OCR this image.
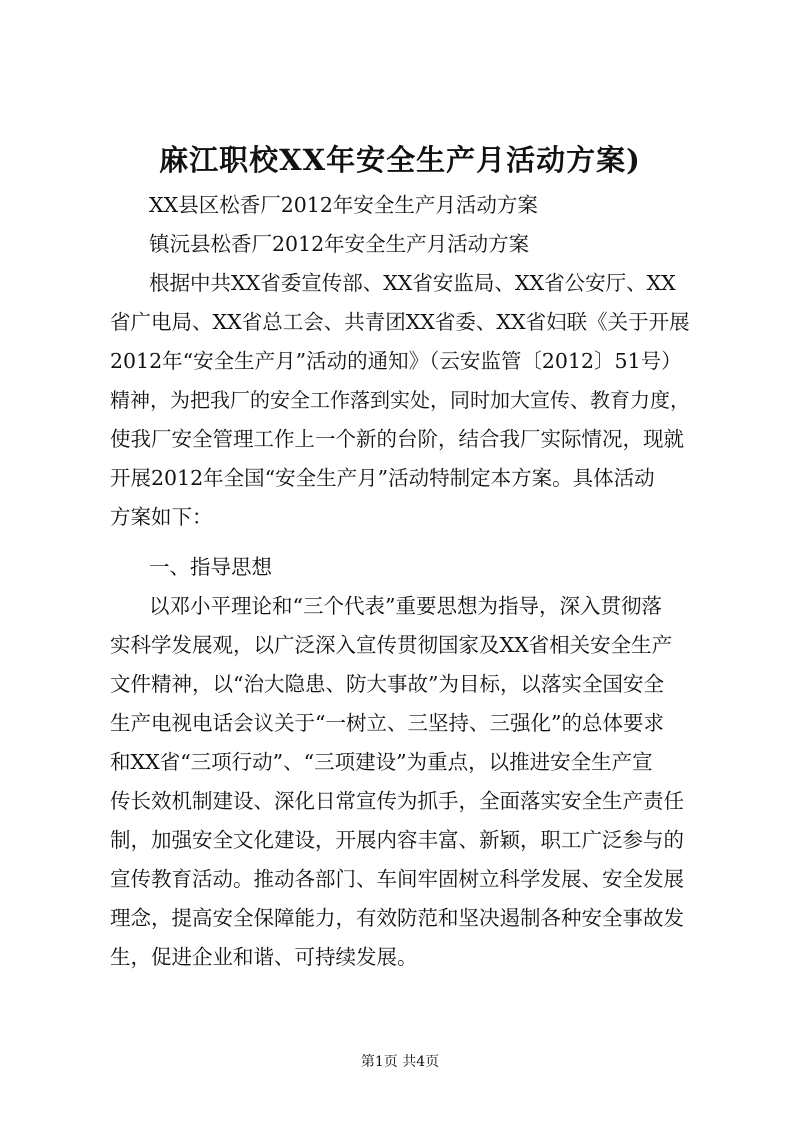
麻江职校XX年安全生产月活动方案)
XX县区松香厂2012年安全生产月活动方案
镇沅县松香厂2012年安全生产月活动方案
根据中共XX省委宣传部、XX省安监局、XX省公安厅、XX
省广电局、XX省总工会、共青团XX省委、XX省妇联《关于开展
2012年“安全生产月”活动的通知》（云安监管〔2012〕51号）
精神，为把我厂的安全工作落到实处，同时加大宣传、教育力度，
使我厂安全管理工作上一个新的台阶，结合我厂实际情况，现就
开展2012年全国“安全生产月”活动特制定本方案。具体活动
方案如下：
一、指导思想
以邓小平理论和“三个代表”重要思想为指导，深入贯彻落
实科学发展观，以广泛深入宣传贯彻国家及XX省相关安全生产
文件精神，以“治大隐患、防大事故”为目标，以落实全国安全
生产电视电话会议关于“一树立、三坚持、三强化”的总体要求
和XX省“三项行动”、“三项建设”为重点，以推进安全生产宣
传长效机制建设、深化日常宣传为抓手，全面落实安全生产责任
制，加强安全文化建设，开展内容丰富、新颖，职工广泛参与的
宣传教育活动。推动各部门、车间牢固树立科学发展、安全发展
理念，提高安全保障能力，有效防范和坚决遏制各种安全事故发
生，促进企业和谐、可持续发展。
第1页 共4页
